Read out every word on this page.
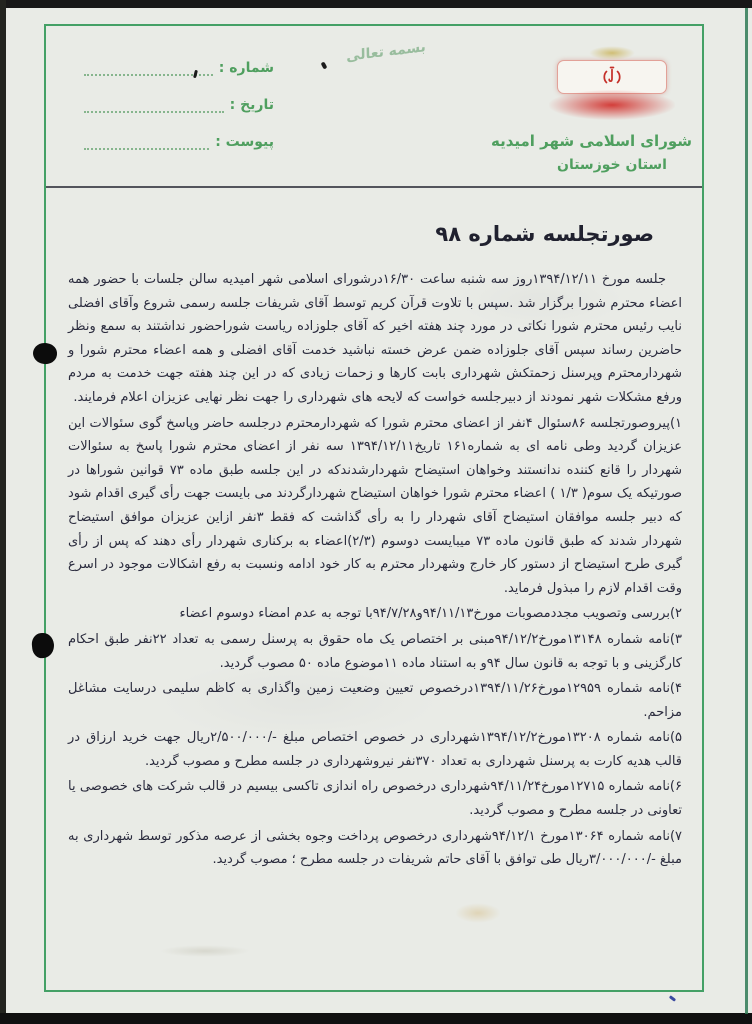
شماره :
تاریخ :
پیوست :
بسمه تعالی
شورای اسلامی شهر امیدیه
استان خوزستان
صورتجلسه شماره ۹۸

جلسه مورخ ۱۳۹۴/۱۲/۱۱روز سه شنبه ساعت ۱۶/۳۰درشورای اسلامی شهر امیدیه سالن جلسات با حضور همه اعضاء محترم شورا برگزار شد .سپس با تلاوت قرآن کریم توسط آقای شریفات جلسه رسمی شروع وآقای افضلی نایب رئیس محترم شورا نکاتی در مورد چند هفته اخیر که آقای جلوزاده ریاست شوراحضور نداشتند به سمع ونظر حاضرین رساند سپس آقای جلوزاده ضمن عرض خسته نباشید خدمت آقای افضلی و همه اعضاء محترم شورا و شهردارمحترم وپرسنل زحمتکش شهرداری بابت کارها و زحمات زیادی که در این چند هفته جهت خدمت به مردم ورفع مشکلات شهر نمودند از دبیرجلسه خواست که لایحه های شهرداری را جهت نظر نهایی عزیزان اعلام فرمایند.

۱)پیروصورتجلسه ۸۶سئوال ۴نفر از اعضای محترم شورا که شهردارمحترم درجلسه حاضر وپاسخ گوی سئوالات این عزیزان گردید وطی نامه ای به شماره۱۶۱ تاریخ۱۳۹۴/۱۲/۱۱ سه نفر از اعضای محترم شورا پاسخ به سئوالات شهردار را قانع کننده ندانستند وخواهان استیضاح شهردارشدندکه در این جلسه طبق ماده ۷۳ قوانین شوراها در صورتیکه یک سوم( ۱/۳ ) اعضاء محترم شورا خواهان استیضاح شهردارگردند می بایست جهت رأی گیری اقدام شود که دبیر جلسه موافقان استیضاح آقای شهردار را به رأی گذاشت که فقط ۳نفر ازاین عزیزان موافق استیضاح شهردار شدند که طبق قانون ماده ۷۳ میبایست دوسوم (۲/۳)اعضاء به برکناری شهردار رأی دهند که پس از رأی گیری طرح استیضاح از دستور کار خارج وشهردار محترم به کار خود ادامه ونسبت به رفع اشکالات موجود در اسرع وقت اقدام لازم را مبذول فرماید.

۲)بررسی وتصویب مجددمصوبات مورخ۹۴/۱۱/۱۳و۹۴/۷/۲۸با توجه به عدم امضاء دوسوم اعضاء

۳)نامه شماره ۱۳۱۴۸مورخ۹۴/۱۲/۲مبنی بر اختصاص یک ماه حقوق به پرسنل رسمی به تعداد ۲۲نفر طبق احکام کارگزینی و با توجه به قانون سال ۹۴و به استناد ماده ۱۱موضوع ماده ۵۰ مصوب گردید.

۴)نامه شماره ۱۲۹۵۹مورخ۱۳۹۴/۱۱/۲۶درخصوص تعیین وضعیت زمین واگذاری به کاظم سلیمی درسایت مشاغل مزاحم.

۵)نامه شماره ۱۳۲۰۸مورخ۱۳۹۴/۱۲/۲شهرداری در خصوص اختصاص مبلغ -/۲/۵۰۰/۰۰۰ریال جهت خرید ارزاق در قالب هدیه کارت به پرسنل شهرداری به تعداد ۳۷۰نفر نیروشهرداری در جلسه مطرح و مصوب گردید.

۶)نامه شماره ۱۲۷۱۵مورخ۹۴/۱۱/۲۴شهرداری درخصوص راه اندازی تاکسی بیسیم در قالب شرکت های خصوصی یا تعاونی در جلسه مطرح و مصوب گردید.

۷)نامه شماره ۱۳۰۶۴مورخ ۹۴/۱۲/۱شهرداری درخصوص پرداخت وجوه بخشی از عرصه مذکور توسط شهرداری به مبلغ -/۳/۰۰۰/۰۰۰ریال طی توافق با آقای حاتم شریفات در جلسه مطرح ؛ مصوب گردید.
